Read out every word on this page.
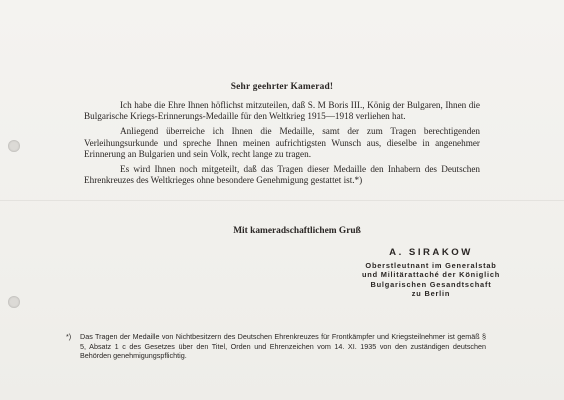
Sehr geehrter Kamerad!

Ich habe die Ehre Ihnen höflichst mitzuteilen, daß S. M Boris III., König der Bulgaren, Ihnen die Bulgarische Kriegs-Erinnerungs-Medaille für den Weltkrieg 1915—1918 verliehen hat.

Anliegend überreiche ich Ihnen die Medaille, samt der zum Tragen berechtigenden Verleihungsurkunde und spreche Ihnen meinen aufrichtigsten Wunsch aus, dieselbe in angenehmer Erinnerung an Bulgarien und sein Volk, recht lange zu tragen.

Es wird Ihnen noch mitgeteilt, daß das Tragen dieser Medaille den Inhabern des Deutschen Ehrenkreuzes des Weltkrieges ohne besondere Genehmigung gestattet ist.*)

Mit kameradschaftlichem Gruß
A. SIRAKOW
Oberstleutnant im Generalstab
und Militärattaché der Königlich
Bulgarischen Gesandtschaft
zu Berlin
*) Das Tragen der Medaille von Nichtbesitzern des Deutschen Ehrenkreuzes für Frontkämpfer und Kriegsteilnehmer ist gemäß § 5, Absatz 1 c des Gesetzes über den Titel, Orden und Ehrenzeichen vom 14. XI. 1935 von den zuständigen deutschen Behörden genehmigungspflichtig.
